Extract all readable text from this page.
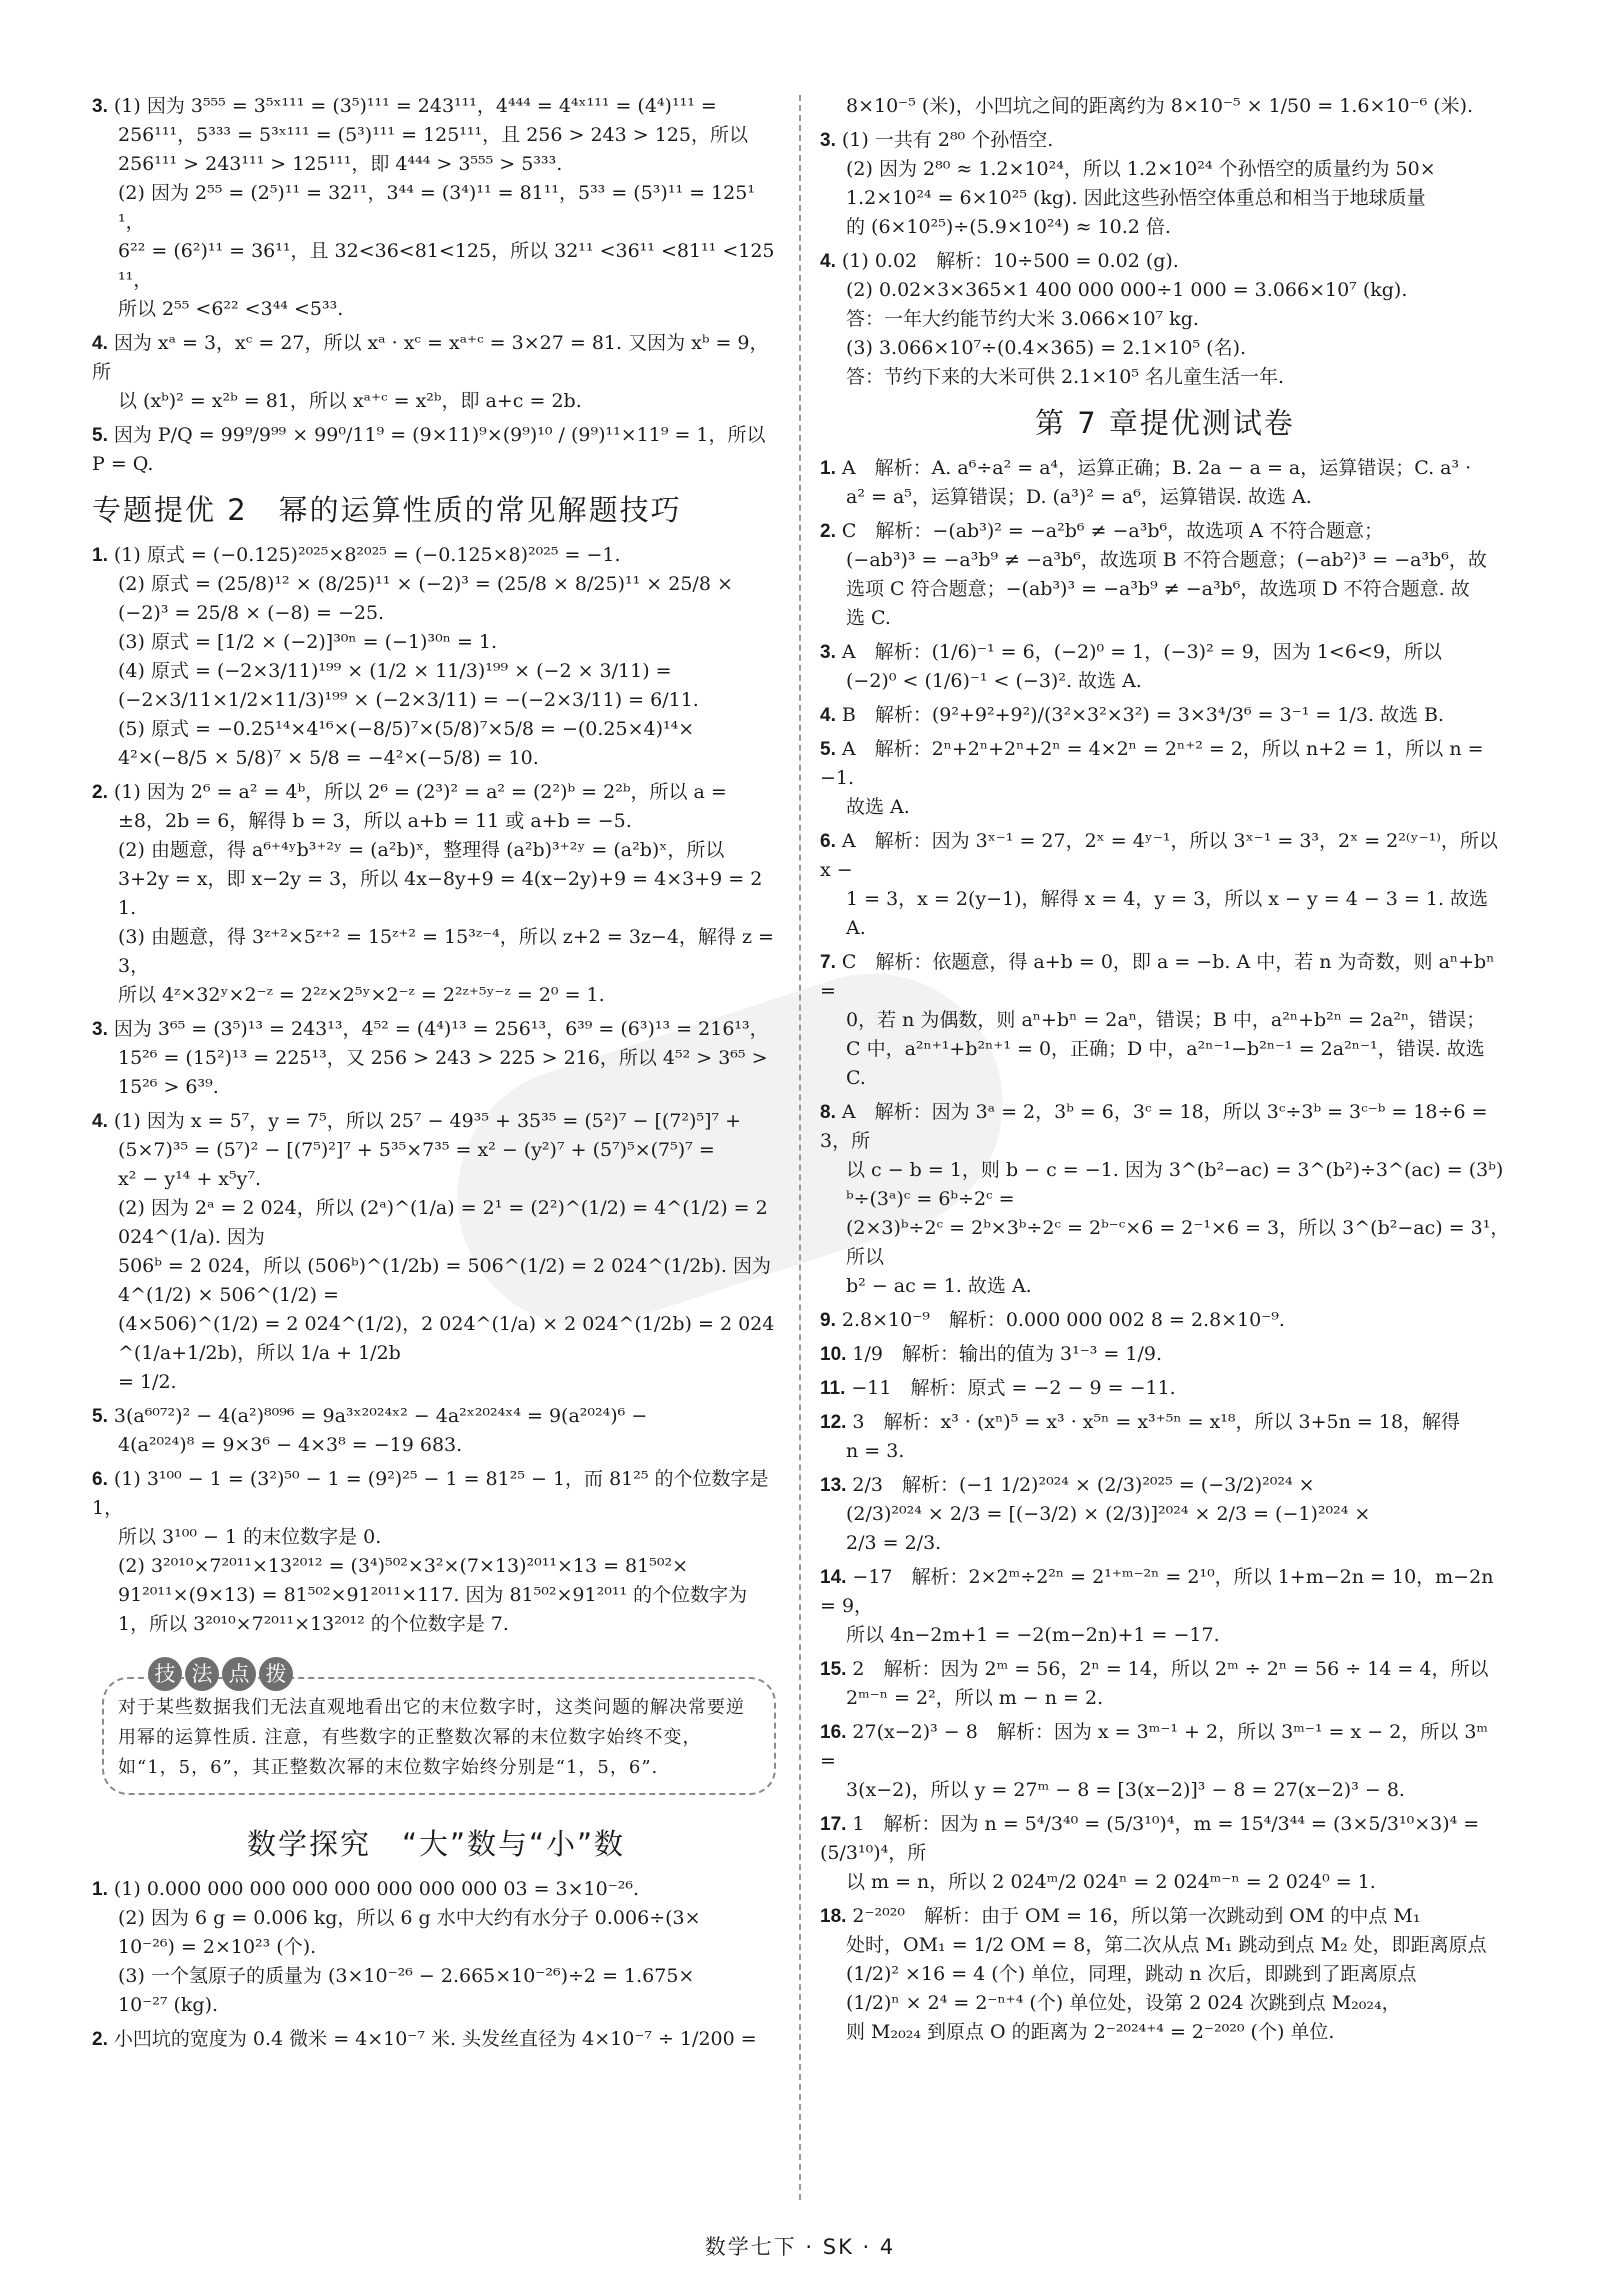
3. (1) 因为 3⁵⁵⁵ = 3⁵ˣ¹¹¹ = (3⁵)¹¹¹ = 243¹¹¹，4⁴⁴⁴ = 4⁴ˣ¹¹¹ = (4⁴)¹¹¹ =
256¹¹¹，5³³³ = 5³ˣ¹¹¹ = (5³)¹¹¹ = 125¹¹¹，且 256 > 243 > 125，所以
256¹¹¹ > 243¹¹¹ > 125¹¹¹，即 4⁴⁴⁴ > 3⁵⁵⁵ > 5³³³.
(2) 因为 2⁵⁵ = (2⁵)¹¹ = 32¹¹，3⁴⁴ = (3⁴)¹¹ = 81¹¹，5³³ = (5³)¹¹ = 125¹¹，
6²² = (6²)¹¹ = 36¹¹，且 32<36<81<125，所以 32¹¹ <36¹¹ <81¹¹ <125¹¹，
所以 2⁵⁵ <6²² <3⁴⁴ <5³³.
4. 因为 xᵃ = 3，xᶜ = 27，所以 xᵃ · xᶜ = xᵃ⁺ᶜ = 3×27 = 81. 又因为 xᵇ = 9，所
以 (xᵇ)² = x²ᵇ = 81，所以 xᵃ⁺ᶜ = x²ᵇ，即 a+c = 2b.
5. 因为 P/Q = 99⁹/9⁹⁹ × 99⁰/11⁹ = (9×11)⁹×(9⁹)¹⁰ / (9⁹)¹¹×11⁹ = 1，所以 P = Q.
专题提优 2　幂的运算性质的常见解题技巧
1. (1) 原式 = (−0.125)²⁰²⁵×8²⁰²⁵ = (−0.125×8)²⁰²⁵ = −1.
(2) 原式 = (25/8)¹² × (8/25)¹¹ × (−2)³ = (25/8 × 8/25)¹¹ × 25/8 ×
(−2)³ = 25/8 × (−8) = −25.
(3) 原式 = [1/2 × (−2)]³⁰ⁿ = (−1)³⁰ⁿ = 1.
(4) 原式 = (−2×3/11)¹⁹⁹ × (1/2 × 11/3)¹⁹⁹ × (−2 × 3/11) =
(−2×3/11×1/2×11/3)¹⁹⁹ × (−2×3/11) = −(−2×3/11) = 6/11.
(5) 原式 = −0.25¹⁴×4¹⁶×(−8/5)⁷×(5/8)⁷×5/8 = −(0.25×4)¹⁴×
4²×(−8/5 × 5/8)⁷ × 5/8 = −4²×(−5/8) = 10.
2. (1) 因为 2⁶ = a² = 4ᵇ，所以 2⁶ = (2³)² = a² = (2²)ᵇ = 2²ᵇ，所以 a =
±8，2b = 6，解得 b = 3，所以 a+b = 11 或 a+b = −5.
(2) 由题意，得 a⁶⁺⁴ʸb³⁺²ʸ = (a²b)ˣ，整理得 (a²b)³⁺²ʸ = (a²b)ˣ，所以
3+2y = x，即 x−2y = 3，所以 4x−8y+9 = 4(x−2y)+9 = 4×3+9 = 21.
(3) 由题意，得 3ᶻ⁺²×5ᶻ⁺² = 15ᶻ⁺² = 15³ᶻ⁻⁴，所以 z+2 = 3z−4，解得 z = 3，
所以 4ᶻ×32ʸ×2⁻ᶻ = 2²ᶻ×2⁵ʸ×2⁻ᶻ = 2²ᶻ⁺⁵ʸ⁻ᶻ = 2⁰ = 1.
3. 因为 3⁶⁵ = (3⁵)¹³ = 243¹³，4⁵² = (4⁴)¹³ = 256¹³，6³⁹ = (6³)¹³ = 216¹³，
15²⁶ = (15²)¹³ = 225¹³，又 256 > 243 > 225 > 216，所以 4⁵² > 3⁶⁵ >
15²⁶ > 6³⁹.
4. (1) 因为 x = 5⁷，y = 7⁵，所以 25⁷ − 49³⁵ + 35³⁵ = (5²)⁷ − [(7²)⁵]⁷ +
(5×7)³⁵ = (5⁷)² − [(7⁵)²]⁷ + 5³⁵×7³⁵ = x² − (y²)⁷ + (5⁷)⁵×(7⁵)⁷ =
x² − y¹⁴ + x⁵y⁷.
(2) 因为 2ᵃ = 2 024，所以 (2ᵃ)^(1/a) = 2¹ = (2²)^(1/2) = 4^(1/2) = 2 024^(1/a). 因为
506ᵇ = 2 024，所以 (506ᵇ)^(1/2b) = 506^(1/2) = 2 024^(1/2b). 因为 4^(1/2) × 506^(1/2) =
(4×506)^(1/2) = 2 024^(1/2)，2 024^(1/a) × 2 024^(1/2b) = 2 024^(1/a+1/2b)，所以 1/a + 1/2b
= 1/2.
5. 3(a⁶⁰⁷²)² − 4(a²)⁸⁰⁹⁶ = 9a³ˣ²⁰²⁴ˣ² − 4a²ˣ²⁰²⁴ˣ⁴ = 9(a²⁰²⁴)⁶ −
4(a²⁰²⁴)⁸ = 9×3⁶ − 4×3⁸ = −19 683.
6. (1) 3¹⁰⁰ − 1 = (3²)⁵⁰ − 1 = (9²)²⁵ − 1 = 81²⁵ − 1，而 81²⁵ 的个位数字是 1，
所以 3¹⁰⁰ − 1 的末位数字是 0.
(2) 3²⁰¹⁰×7²⁰¹¹×13²⁰¹² = (3⁴)⁵⁰²×3²×(7×13)²⁰¹¹×13 = 81⁵⁰²×
91²⁰¹¹×(9×13) = 81⁵⁰²×91²⁰¹¹×117. 因为 81⁵⁰²×91²⁰¹¹ 的个位数字为
1，所以 3²⁰¹⁰×7²⁰¹¹×13²⁰¹² 的个位数字是 7.
技 法 点 拨
对于某些数据我们无法直观地看出它的末位数字时，这类问题的解决常要逆用幂的运算性质. 注意，有些数字的正整数次幂的末位数字始终不变，如“1，5，6”，其正整数次幂的末位数字始终分别是“1，5，6”.
数学探究　“大”数与“小”数
1. (1) 0.000 000 000 000 000 000 000 000 03 = 3×10⁻²⁶.
(2) 因为 6 g = 0.006 kg，所以 6 g 水中大约有水分子 0.006÷(3×
10⁻²⁶) = 2×10²³ (个).
(3) 一个氢原子的质量为 (3×10⁻²⁶ − 2.665×10⁻²⁶)÷2 = 1.675×
10⁻²⁷ (kg).
2. 小凹坑的宽度为 0.4 微米 = 4×10⁻⁷ 米. 头发丝直径为 4×10⁻⁷ ÷ 1/200 =
8×10⁻⁵ (米)，小凹坑之间的距离约为 8×10⁻⁵ × 1/50 = 1.6×10⁻⁶ (米).
3. (1) 一共有 2⁸⁰ 个孙悟空.
(2) 因为 2⁸⁰ ≈ 1.2×10²⁴，所以 1.2×10²⁴ 个孙悟空的质量约为 50×
1.2×10²⁴ = 6×10²⁵ (kg). 因此这些孙悟空体重总和相当于地球质量
的 (6×10²⁵)÷(5.9×10²⁴) ≈ 10.2 倍.
4. (1) 0.02　解析：10÷500 = 0.02 (g).
(2) 0.02×3×365×1 400 000 000÷1 000 = 3.066×10⁷ (kg).
答：一年大约能节约大米 3.066×10⁷ kg.
(3) 3.066×10⁷÷(0.4×365) = 2.1×10⁵ (名).
答：节约下来的大米可供 2.1×10⁵ 名儿童生活一年.
第 7 章提优测试卷
1. A　解析：A. a⁶÷a² = a⁴，运算正确；B. 2a − a = a，运算错误；C. a³ ·
a² = a⁵，运算错误；D. (a³)² = a⁶，运算错误. 故选 A.
2. C　解析：−(ab³)² = −a²b⁶ ≠ −a³b⁶，故选项 A 不符合题意；
(−ab³)³ = −a³b⁹ ≠ −a³b⁶，故选项 B 不符合题意；(−ab²)³ = −a³b⁶，故
选项 C 符合题意；−(ab³)³ = −a³b⁹ ≠ −a³b⁶，故选项 D 不符合题意. 故
选 C.
3. A　解析：(1/6)⁻¹ = 6，(−2)⁰ = 1，(−3)² = 9，因为 1<6<9，所以
(−2)⁰ < (1/6)⁻¹ < (−3)². 故选 A.
4. B　解析：(9²+9²+9²)/(3²×3²×3²) = 3×3⁴/3⁶ = 3⁻¹ = 1/3. 故选 B.
5. A　解析：2ⁿ+2ⁿ+2ⁿ+2ⁿ = 4×2ⁿ = 2ⁿ⁺² = 2，所以 n+2 = 1，所以 n = −1.
故选 A.
6. A　解析：因为 3ˣ⁻¹ = 27，2ˣ = 4ʸ⁻¹，所以 3ˣ⁻¹ = 3³，2ˣ = 2²⁽ʸ⁻¹⁾，所以 x −
1 = 3，x = 2(y−1)，解得 x = 4，y = 3，所以 x − y = 4 − 3 = 1. 故选 A.
7. C　解析：依题意，得 a+b = 0，即 a = −b. A 中，若 n 为奇数，则 aⁿ+bⁿ =
0，若 n 为偶数，则 aⁿ+bⁿ = 2aⁿ，错误；B 中，a²ⁿ+b²ⁿ = 2a²ⁿ，错误；
C 中，a²ⁿ⁺¹+b²ⁿ⁺¹ = 0，正确；D 中，a²ⁿ⁻¹−b²ⁿ⁻¹ = 2a²ⁿ⁻¹，错误. 故选 C.
8. A　解析：因为 3ᵃ = 2，3ᵇ = 6，3ᶜ = 18，所以 3ᶜ÷3ᵇ = 3ᶜ⁻ᵇ = 18÷6 = 3，所
以 c − b = 1，则 b − c = −1. 因为 3^(b²−ac) = 3^(b²)÷3^(ac) = (3ᵇ)ᵇ÷(3ᵃ)ᶜ = 6ᵇ÷2ᶜ =
(2×3)ᵇ÷2ᶜ = 2ᵇ×3ᵇ÷2ᶜ = 2ᵇ⁻ᶜ×6 = 2⁻¹×6 = 3，所以 3^(b²−ac) = 3¹，所以
b² − ac = 1. 故选 A.
9. 2.8×10⁻⁹　解析：0.000 000 002 8 = 2.8×10⁻⁹.
10. 1/9　解析：输出的值为 3¹⁻³ = 1/9.
11. −11　解析：原式 = −2 − 9 = −11.
12. 3　解析：x³ · (xⁿ)⁵ = x³ · x⁵ⁿ = x³⁺⁵ⁿ = x¹⁸，所以 3+5n = 18，解得
n = 3.
13. 2/3　解析：(−1 1/2)²⁰²⁴ × (2/3)²⁰²⁵ = (−3/2)²⁰²⁴ ×
(2/3)²⁰²⁴ × 2/3 = [(−3/2) × (2/3)]²⁰²⁴ × 2/3 = (−1)²⁰²⁴ ×
2/3 = 2/3.
14. −17　解析：2×2ᵐ÷2²ⁿ = 2¹⁺ᵐ⁻²ⁿ = 2¹⁰，所以 1+m−2n = 10，m−2n = 9，
所以 4n−2m+1 = −2(m−2n)+1 = −17.
15. 2　解析：因为 2ᵐ = 56，2ⁿ = 14，所以 2ᵐ ÷ 2ⁿ = 56 ÷ 14 = 4，所以
2ᵐ⁻ⁿ = 2²，所以 m − n = 2.
16. 27(x−2)³ − 8　解析：因为 x = 3ᵐ⁻¹ + 2，所以 3ᵐ⁻¹ = x − 2，所以 3ᵐ =
3(x−2)，所以 y = 27ᵐ − 8 = [3(x−2)]³ − 8 = 27(x−2)³ − 8.
17. 1　解析：因为 n = 5⁴/3⁴⁰ = (5/3¹⁰)⁴，m = 15⁴/3⁴⁴ = (3×5/3¹⁰×3)⁴ = (5/3¹⁰)⁴，所
以 m = n，所以 2 024ᵐ/2 024ⁿ = 2 024ᵐ⁻ⁿ = 2 024⁰ = 1.
18. 2⁻²⁰²⁰　解析：由于 OM = 16，所以第一次跳动到 OM 的中点 M₁
处时，OM₁ = 1/2 OM = 8，第二次从点 M₁ 跳动到点 M₂ 处，即距离原点
(1/2)² ×16 = 4 (个) 单位，同理，跳动 n 次后，即跳到了距离原点
(1/2)ⁿ × 2⁴ = 2⁻ⁿ⁺⁴ (个) 单位处，设第 2 024 次跳到点 M₂₀₂₄，
则 M₂₀₂₄ 到原点 O 的距离为 2⁻²⁰²⁴⁺⁴ = 2⁻²⁰²⁰ (个) 单位.
数学七下 · SK · 4
